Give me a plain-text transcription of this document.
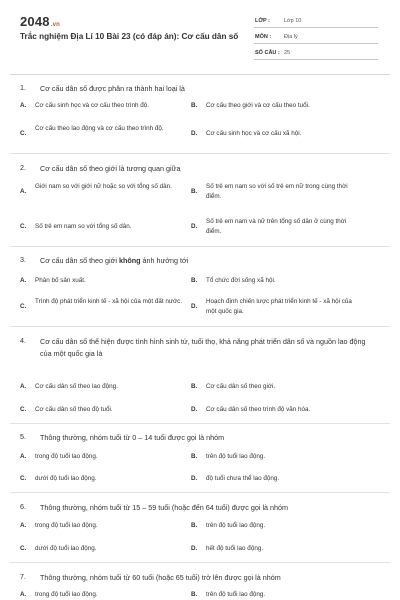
2048.vn
Trắc nghiệm Địa Lí 10 Bài 23 (có đáp án): Cơ cấu dân số
LỚP :	Lớp 10
MÔN : Địa lý
SỐ CÂU : 25
1. Cơ cấu dân số được phân ra thành hai loại là
A. Cơ cấu sinh học và cơ cấu theo trình độ.	B. Cơ cấu theo giới và cơ cấu theo tuổi.
C.
Cơ cấu theo lao động và cơ cấu theo trình độ.
D. Cơ cấu sinh học và cơ cấu xã hội.
2. Cơ cấu dân số theo giới là tương quan giữa
A.
Giới nam so với giới nữ hoặc so với tổng số dân.
B.
Số trẻ em nam so với số trẻ em nữ trong cùng thời điểm.
C. Số trẻ em nam so với tổng số dân.	D.
Số trẻ em nam và nữ trên tổng số dân ở cùng thời điểm.
3. Cơ cấu dân số theo giới không ảnh hưởng tới
A. Phân bố sản xuất.	B. Tổ chức đời sống xã hội.
C.
Trình độ phát triển kinh tế - xã hội của một đất nước.
D.
Hoạch định chiến lược phát triển kinh tế - xã hội của một quốc gia.
4. Cơ cấu dân số thể hiện được tình hình sinh tử, tuổi thọ, khả năng phát triển dân số và nguồn lao động của một quốc gia là
A. Cơ cấu dân số theo lao động.	B. Cơ cấu dân số theo giới.
C. Cơ cấu dân số theo độ tuổi.	D. Cơ cấu dân số theo trình độ văn hóa.
5. Thông thường, nhóm tuổi từ 0 – 14 tuổi được gọi là nhóm
A. trong độ tuổi lao động.	B. trên độ tuổi lao động.
C. dưới độ tuổi lao động.	D. độ tuổi chưa thể lao động.
6. Thông thường, nhóm tuổi từ 15 – 59 tuổi (hoặc đến 64 tuổi) được gọi là nhóm
A. trong độ tuổi lao động.	B. trên độ tuổi lao động.
C. dưới độ tuổi lao động.	D. hết độ tuổi lao động.
7. Thông thường, nhóm tuổi từ 60 tuổi (hoặc 65 tuổi) trở lên được gọi là nhóm
A. trong độ tuổi lao động.	B. trên độ tuổi lao động.
